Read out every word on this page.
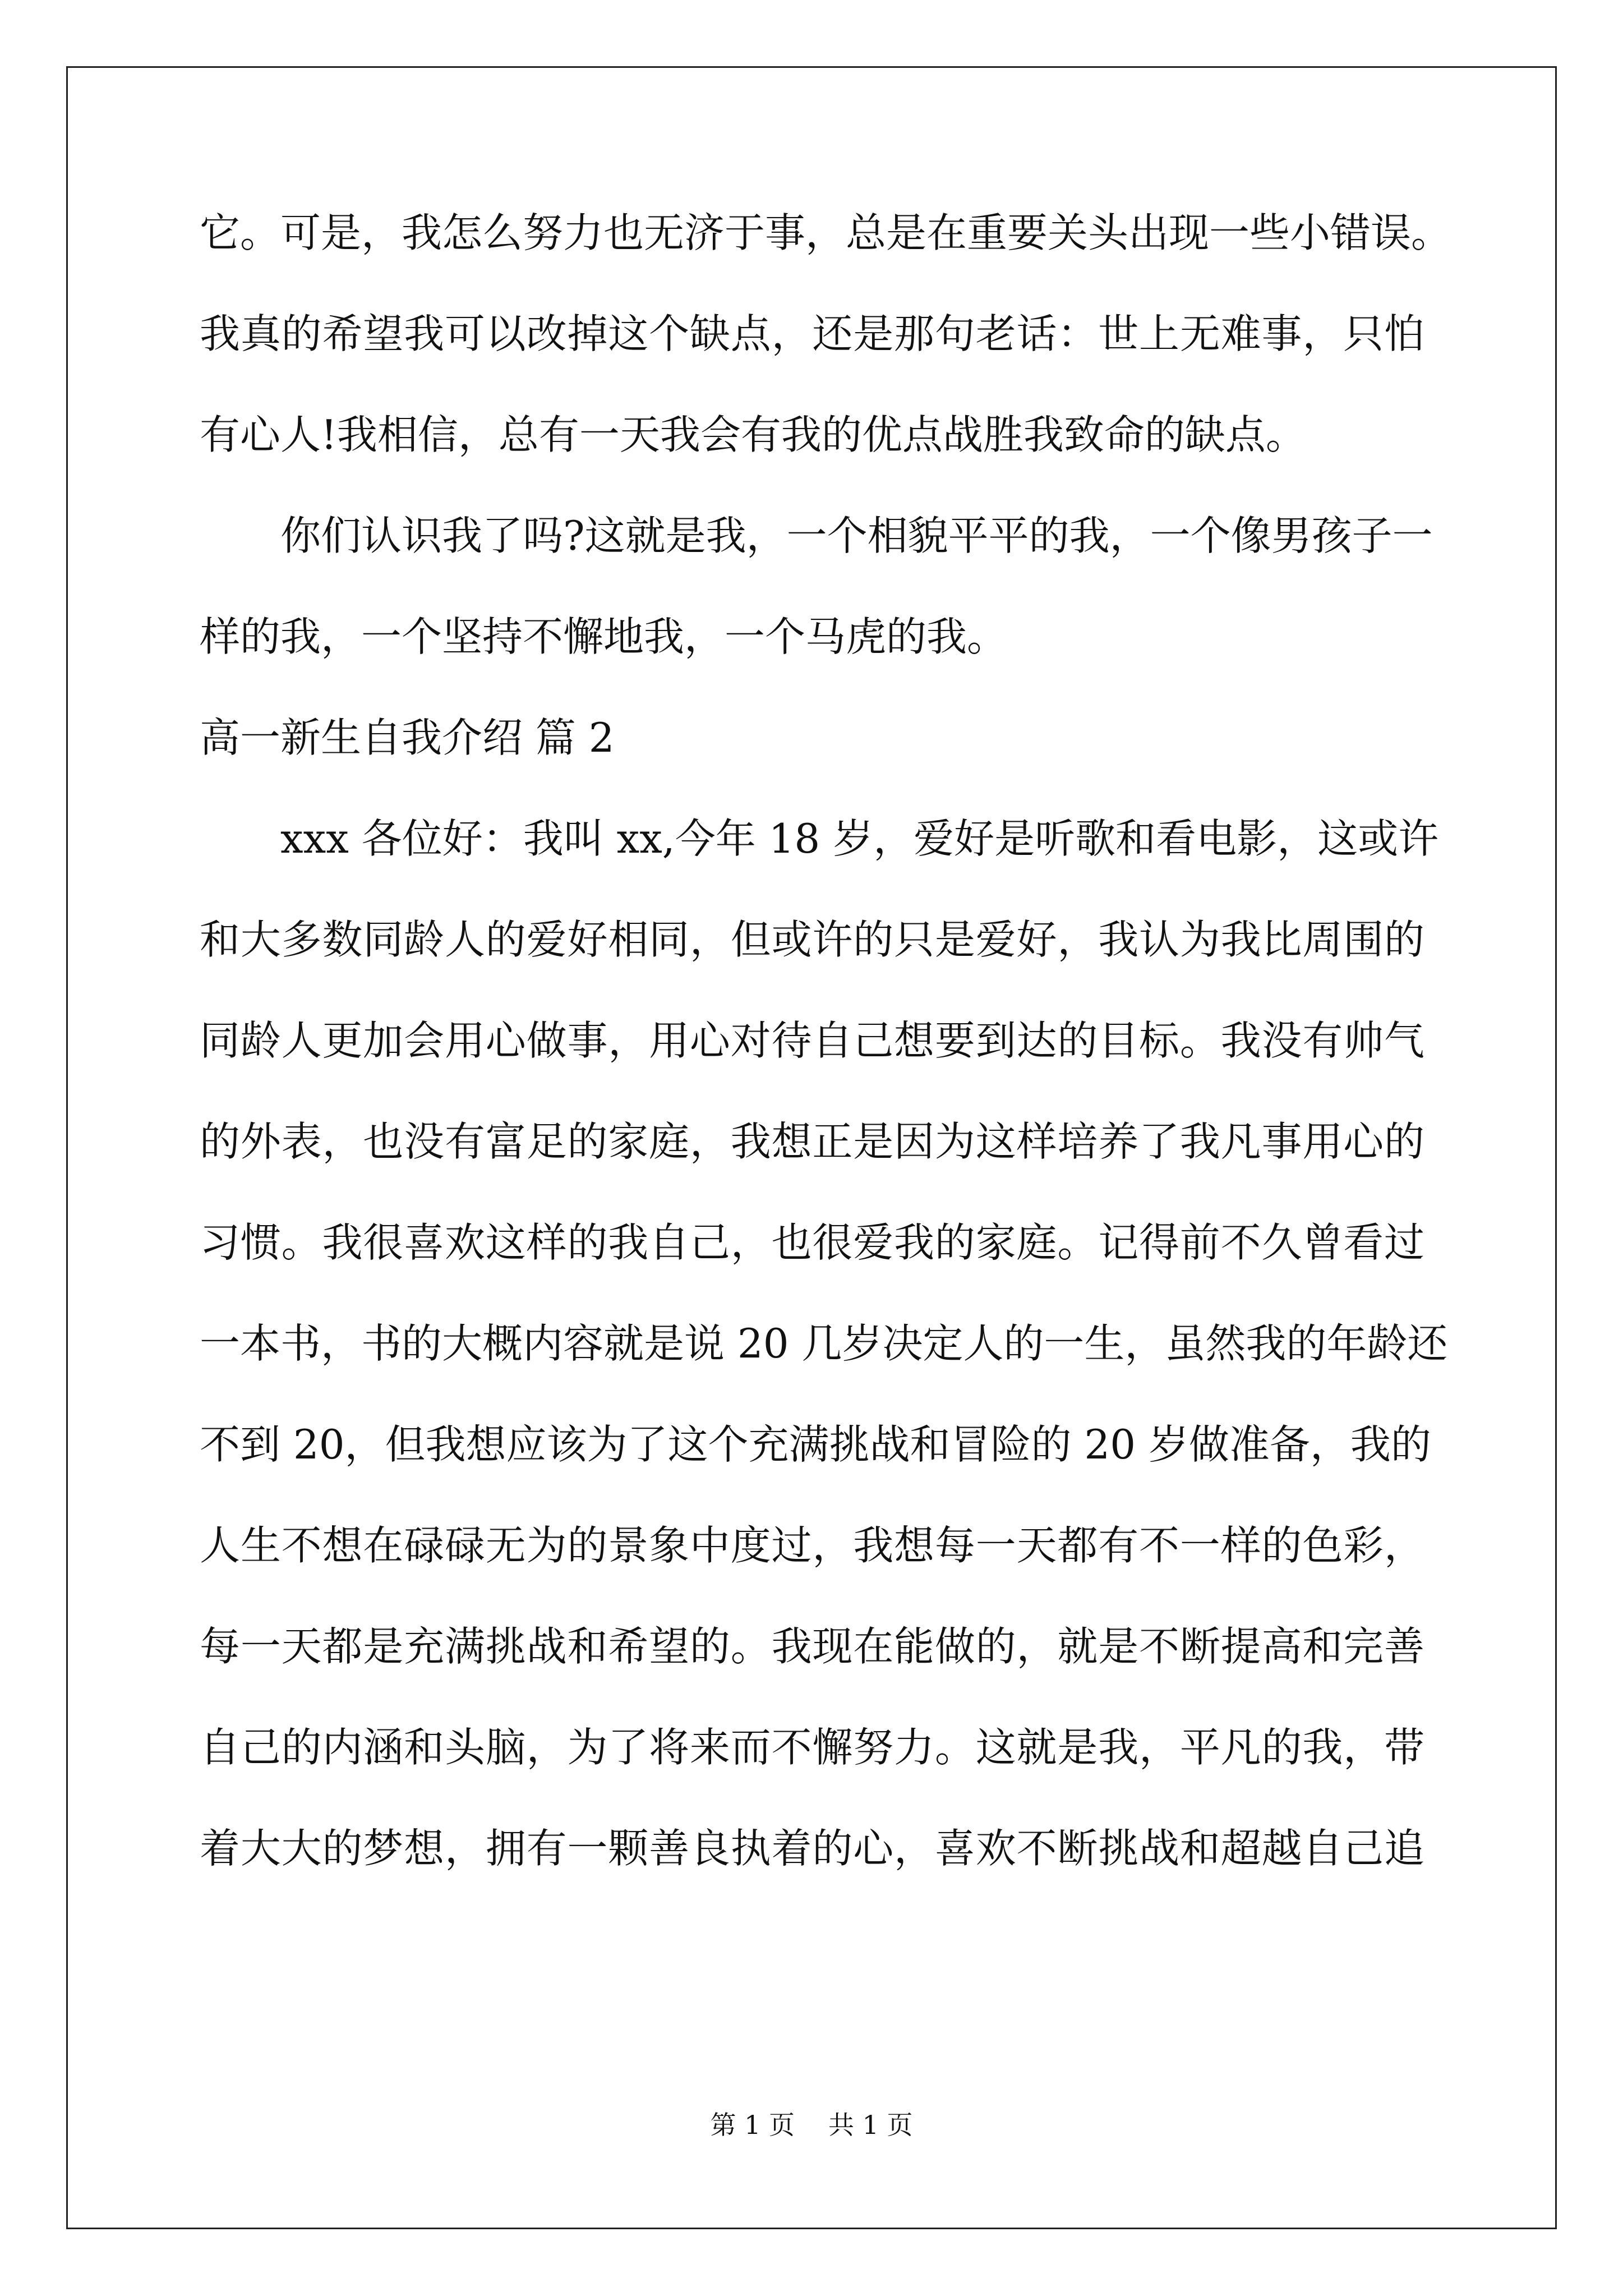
它。可是，我怎么努力也无济于事，总是在重要关头出现一些小错误。
我真的希望我可以改掉这个缺点，还是那句老话：世上无难事，只怕
有心人!我相信，总有一天我会有我的优点战胜我致命的缺点。
你们认识我了吗?这就是我，一个相貌平平的我，一个像男孩子一
样的我，一个坚持不懈地我，一个马虎的我。
高一新生自我介绍 篇 2
xxx 各位好：我叫 xx,今年 18 岁，爱好是听歌和看电影，这或许
和大多数同龄人的爱好相同，但或许的只是爱好，我认为我比周围的
同龄人更加会用心做事，用心对待自己想要到达的目标。我没有帅气
的外表，也没有富足的家庭，我想正是因为这样培养了我凡事用心的
习惯。我很喜欢这样的我自己，也很爱我的家庭。记得前不久曾看过
一本书，书的大概内容就是说 20 几岁决定人的一生，虽然我的年龄还
不到 20，但我想应该为了这个充满挑战和冒险的 20 岁做准备，我的
人生不想在碌碌无为的景象中度过，我想每一天都有不一样的色彩，
每一天都是充满挑战和希望的。我现在能做的，就是不断提高和完善
自己的内涵和头脑，为了将来而不懈努力。这就是我，平凡的我，带
着大大的梦想，拥有一颗善良执着的心，喜欢不断挑战和超越自己追
第 1 页 共 1 页
